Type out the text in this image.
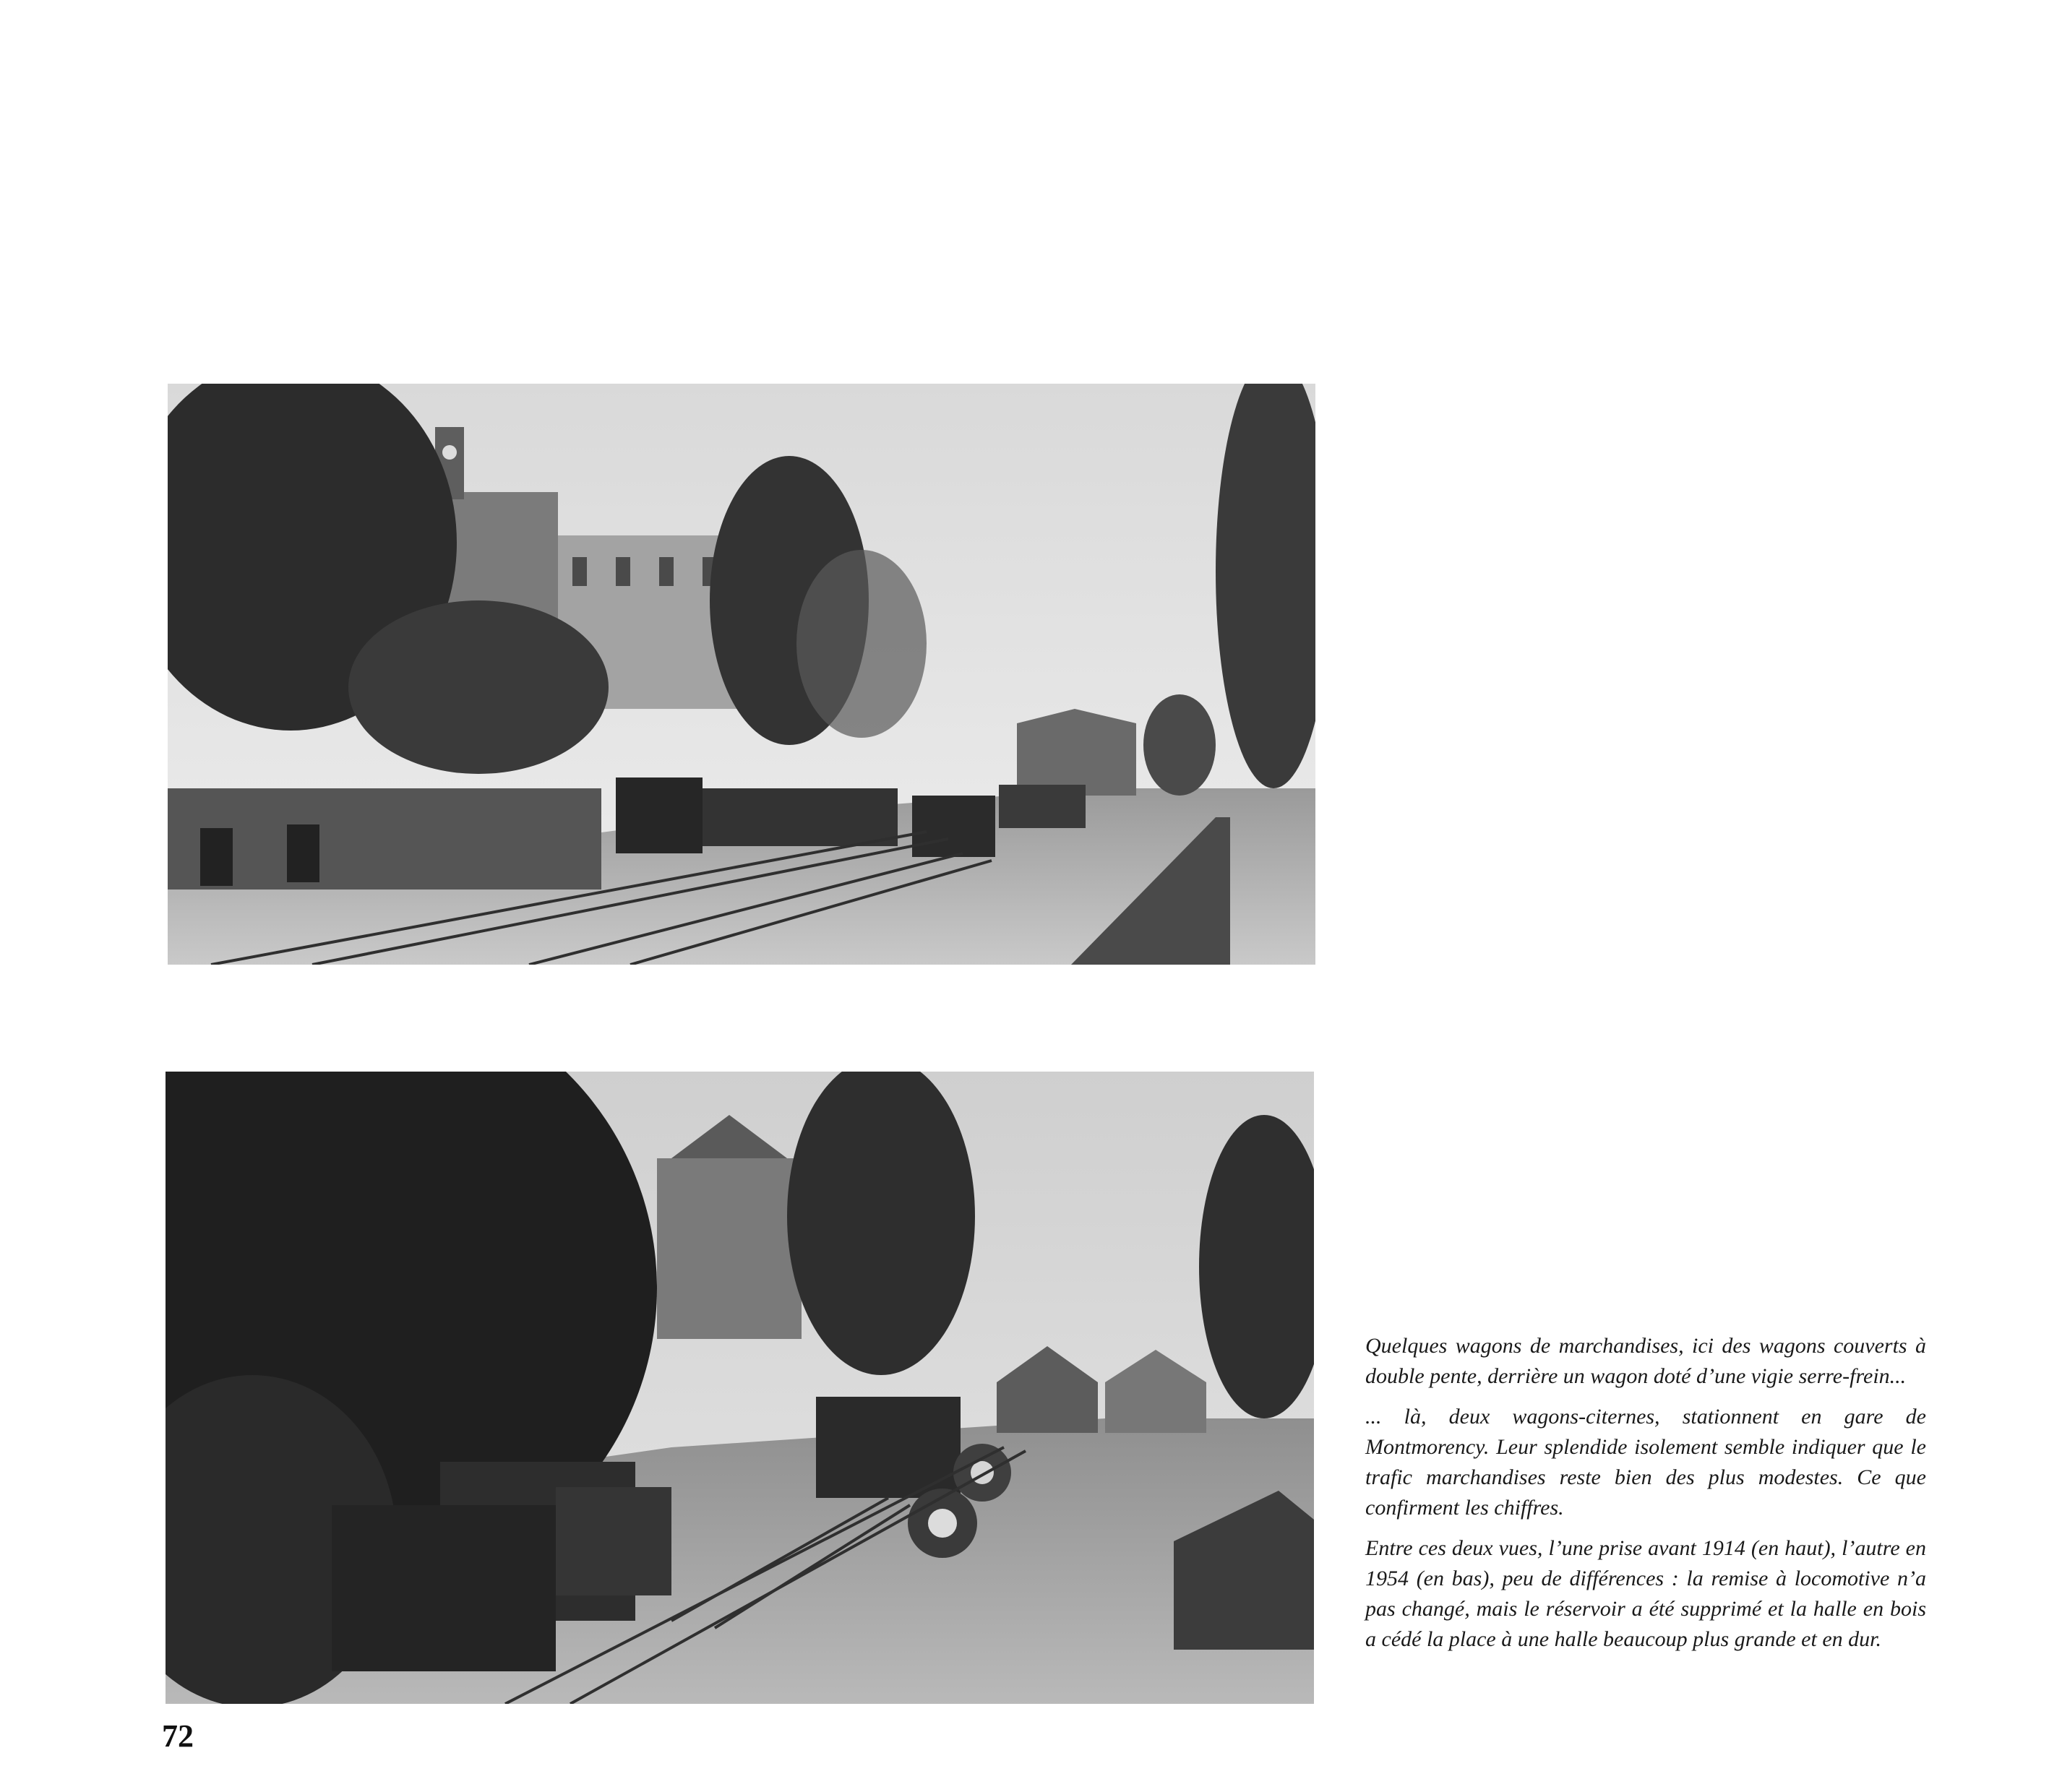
Quelques wagons de marchandises, ici des wagons couverts à double pente, derrière un wagon doté d’une vigie serre-frein...

... là, deux wagons-citernes, stationnent en gare de Montmorency. Leur splendide isolement semble indiquer que le trafic marchandises reste bien des plus modestes. Ce que confirment les chiffres.

Entre ces deux vues, l’une prise avant 1914 (en haut), l’autre en 1954 (en bas), peu de différences : la remise à locomotive n’a pas changé, mais le réservoir a été supprimé et la halle en bois a cédé la place à une halle beaucoup plus grande et en dur.

72
